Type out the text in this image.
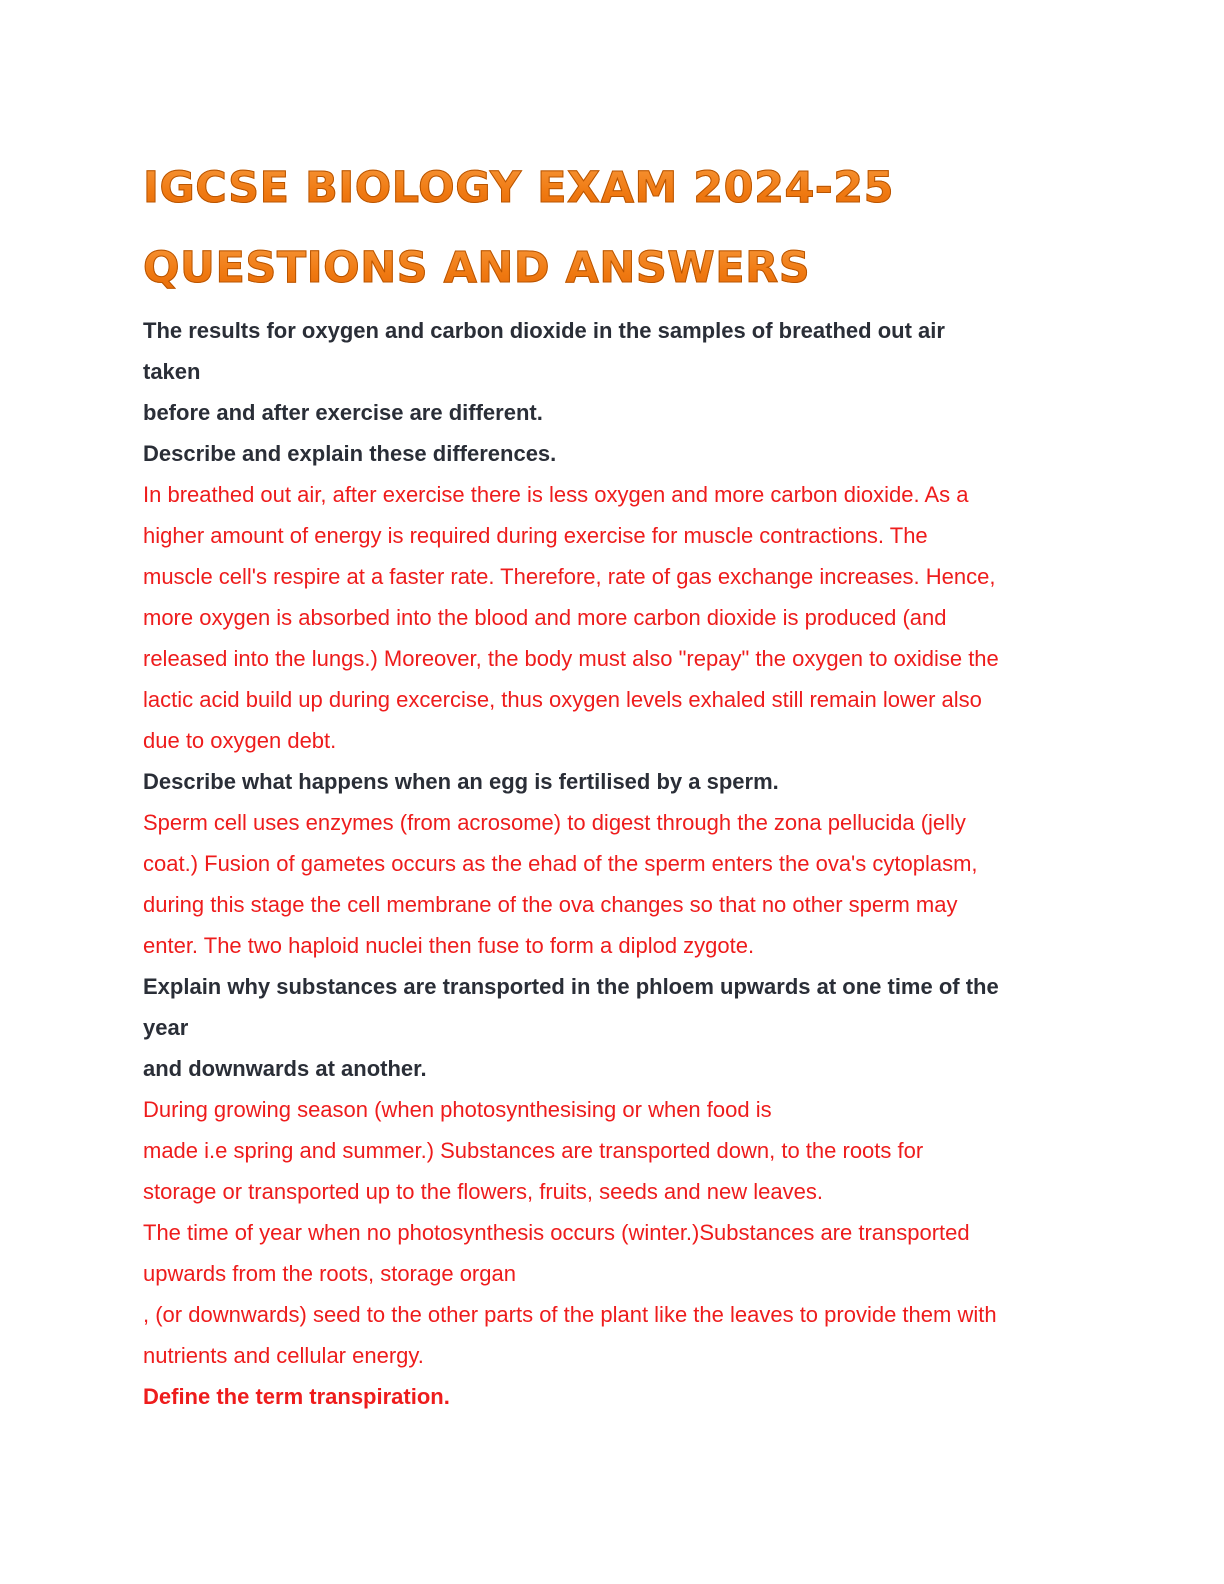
IGCSE BIOLOGY EXAM 2024-25
QUESTIONS AND ANSWERS
The results for oxygen and carbon dioxide in the samples of breathed out air
taken
before and after exercise are different.
Describe and explain these differences.
In breathed out air, after exercise there is less oxygen and more carbon dioxide. As a
higher amount of energy is required during exercise for muscle contractions. The
muscle cell's respire at a faster rate. Therefore, rate of gas exchange increases. Hence,
more oxygen is absorbed into the blood and more carbon dioxide is produced (and
released into the lungs.) Moreover, the body must also "repay" the oxygen to oxidise the
lactic acid build up during excercise, thus oxygen levels exhaled still remain lower also
due to oxygen debt.
Describe what happens when an egg is fertilised by a sperm.
Sperm cell uses enzymes (from acrosome) to digest through the zona pellucida (jelly
coat.) Fusion of gametes occurs as the ehad of the sperm enters the ova's cytoplasm,
during this stage the cell membrane of the ova changes so that no other sperm may
enter. The two haploid nuclei then fuse to form a diplod zygote.
Explain why substances are transported in the phloem upwards at one time of the
year
and downwards at another.
During growing season (when photosynthesising or when food is
made i.e spring and summer.) Substances are transported down, to the roots for
storage or transported up to the flowers, fruits, seeds and new leaves.
The time of year when no photosynthesis occurs (winter.)Substances are transported
upwards from the roots, storage organ
, (or downwards) seed to the other parts of the plant like the leaves to provide them with
nutrients and cellular energy.
Define the term transpiration.
